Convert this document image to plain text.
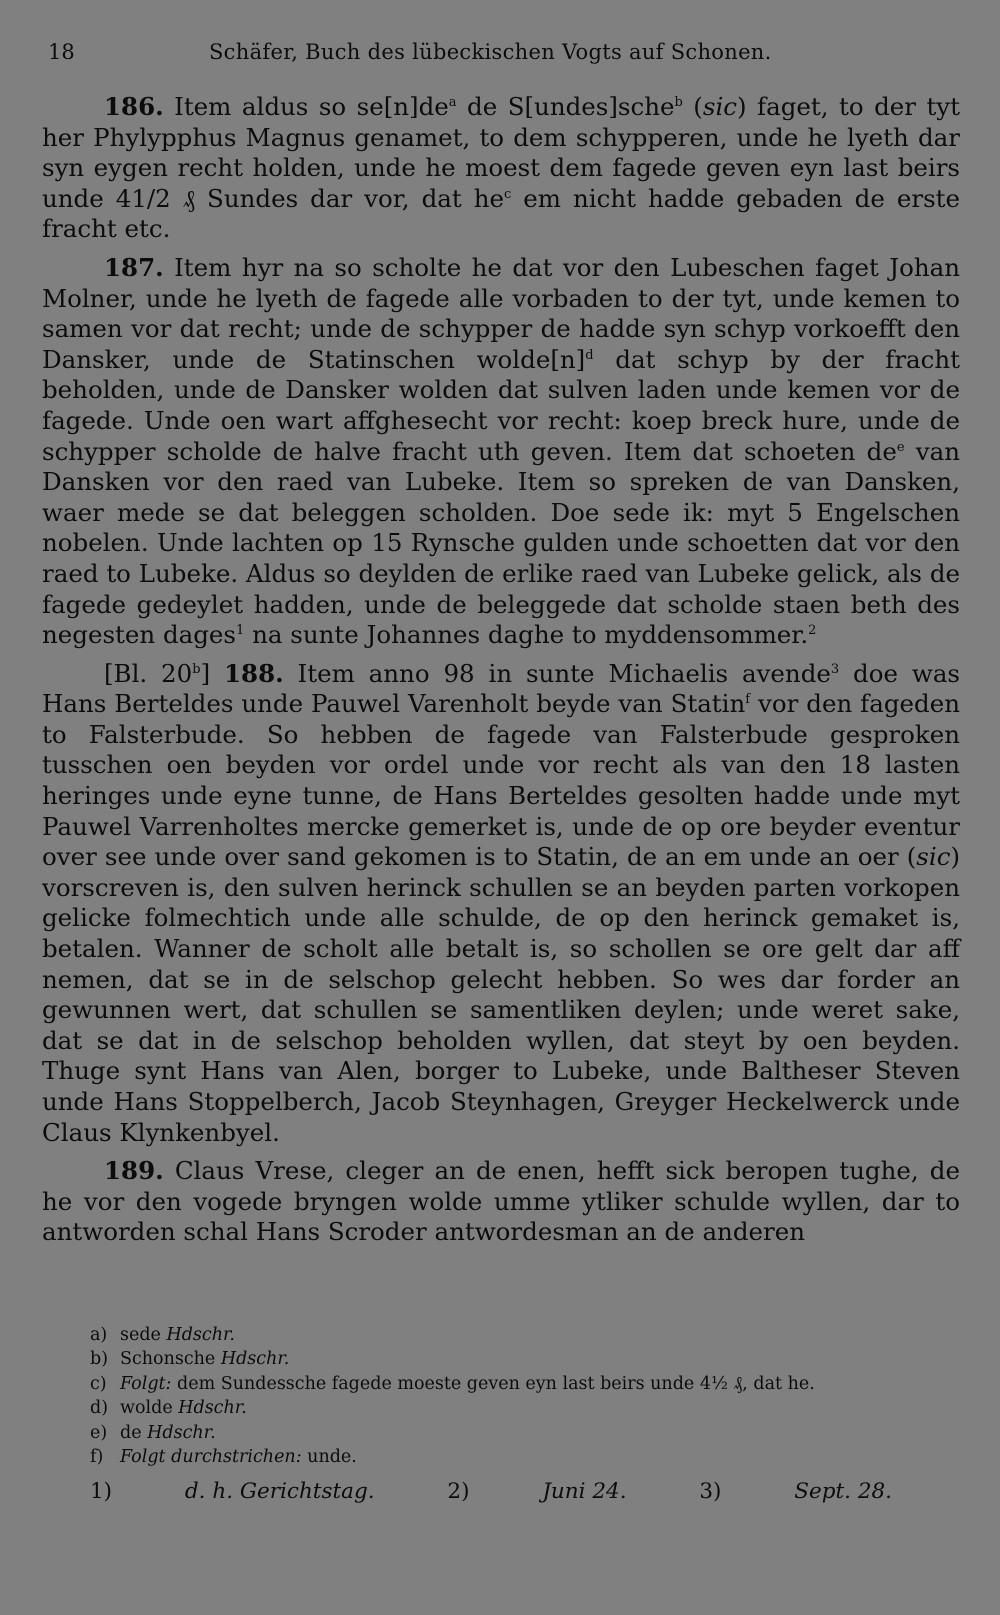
18	Schäfer, Buch des lübeckischen Vogts auf Schonen.

186. Item aldus so se[n]de$^a$ de S[undes]sche$^b$ (sic) faget, to der tyt her Phylypphus Magnus genamet, to dem schypperen, unde he lyeth dar syn eygen recht holden, unde he moest dem fagede geven eyn last beirs unde 41/2 ₰ Sundes dar vor, dat he$^c$ em nicht hadde gebaden de erste fracht etc.

187. Item hyr na so scholte he dat vor den Lubeschen faget Johan Molner, unde he lyeth de fagede alle vorbaden to der tyt, unde kemen to samen vor dat recht; unde de schypper de hadde syn schyp vorkoefft den Dansker, unde de Statinschen wolde[n]$^d$ dat schyp by der fracht beholden, unde de Dansker wolden dat sulven laden unde kemen vor de fagede. Unde oen wart affghesecht vor recht: koep breck hure, unde de schypper scholde de halve fracht uth geven. Item dat schoeten de$^e$ van Dansken vor den raed van Lubeke. Item so spreken de van Dansken, waer mede se dat beleggen scholden. Doe sede ik: myt 5 Engelschen nobelen. Unde lachten op 15 Rynsche gulden unde schoetten dat vor den raed to Lubeke. Aldus so deylden de erlike raed van Lubeke gelick, als de fagede gedeylet hadden, unde de beleggede dat scholde staen beth des negesten dages$^1$ na sunte Johannes daghe to myddensommer.$^2$

[Bl. 20$^b$] 188. Item anno 98 in sunte Michaelis avende$^3$ doe was Hans Berteldes unde Pauwel Varenholt beyde van Statin$^f$ vor den fageden to Falsterbude. So hebben de fagede van Falsterbude gesproken tusschen oen beyden vor ordel unde vor recht als van den 18 lasten heringes unde eyne tunne, de Hans Berteldes gesolten hadde unde myt Pauwel Varrenholtes mercke gemerket is, unde de op ore beyder eventur over see unde over sand gekomen is to Statin, de an em unde an oer (sic) vorscreven is, den sulven herinck schullen se an beyden parten vorkopen gelicke folmechtich unde alle schulde, de op den herinck gemaket is, betalen. Wanner de scholt alle betalt is, so schollen se ore gelt dar aff nemen, dat se in de selschop gelecht hebben. So wes dar forder an gewunnen wert, dat schullen se samentliken deylen; unde weret sake, dat se dat in de selschop beholden wyllen, dat steyt by oen beyden. Thuge synt Hans van Alen, borger to Lubeke, unde Baltheser Steven unde Hans Stoppelberch, Jacob Steynhagen, Greyger Heckelwerck unde Claus Klynkenbyel.

189. Claus Vrese, cleger an de enen, hefft sick beropen tughe, de he vor den vogede bryngen wolde umme ytliker schulde wyllen, dar to antworden schal Hans Scroder antwordesman an de anderen

a) sede Hdschr.
b) Schonsche Hdschr.
c) Folgt: dem Sundessche fagede moeste geven eyn last beirs unde 4½ ₰, dat he.
d) wolde Hdschr.
e) de Hdschr.
f) Folgt durchstrichen: unde.
1)	d. h. Gerichtstag.	2)	Juni 24.	3)	Sept. 28.
